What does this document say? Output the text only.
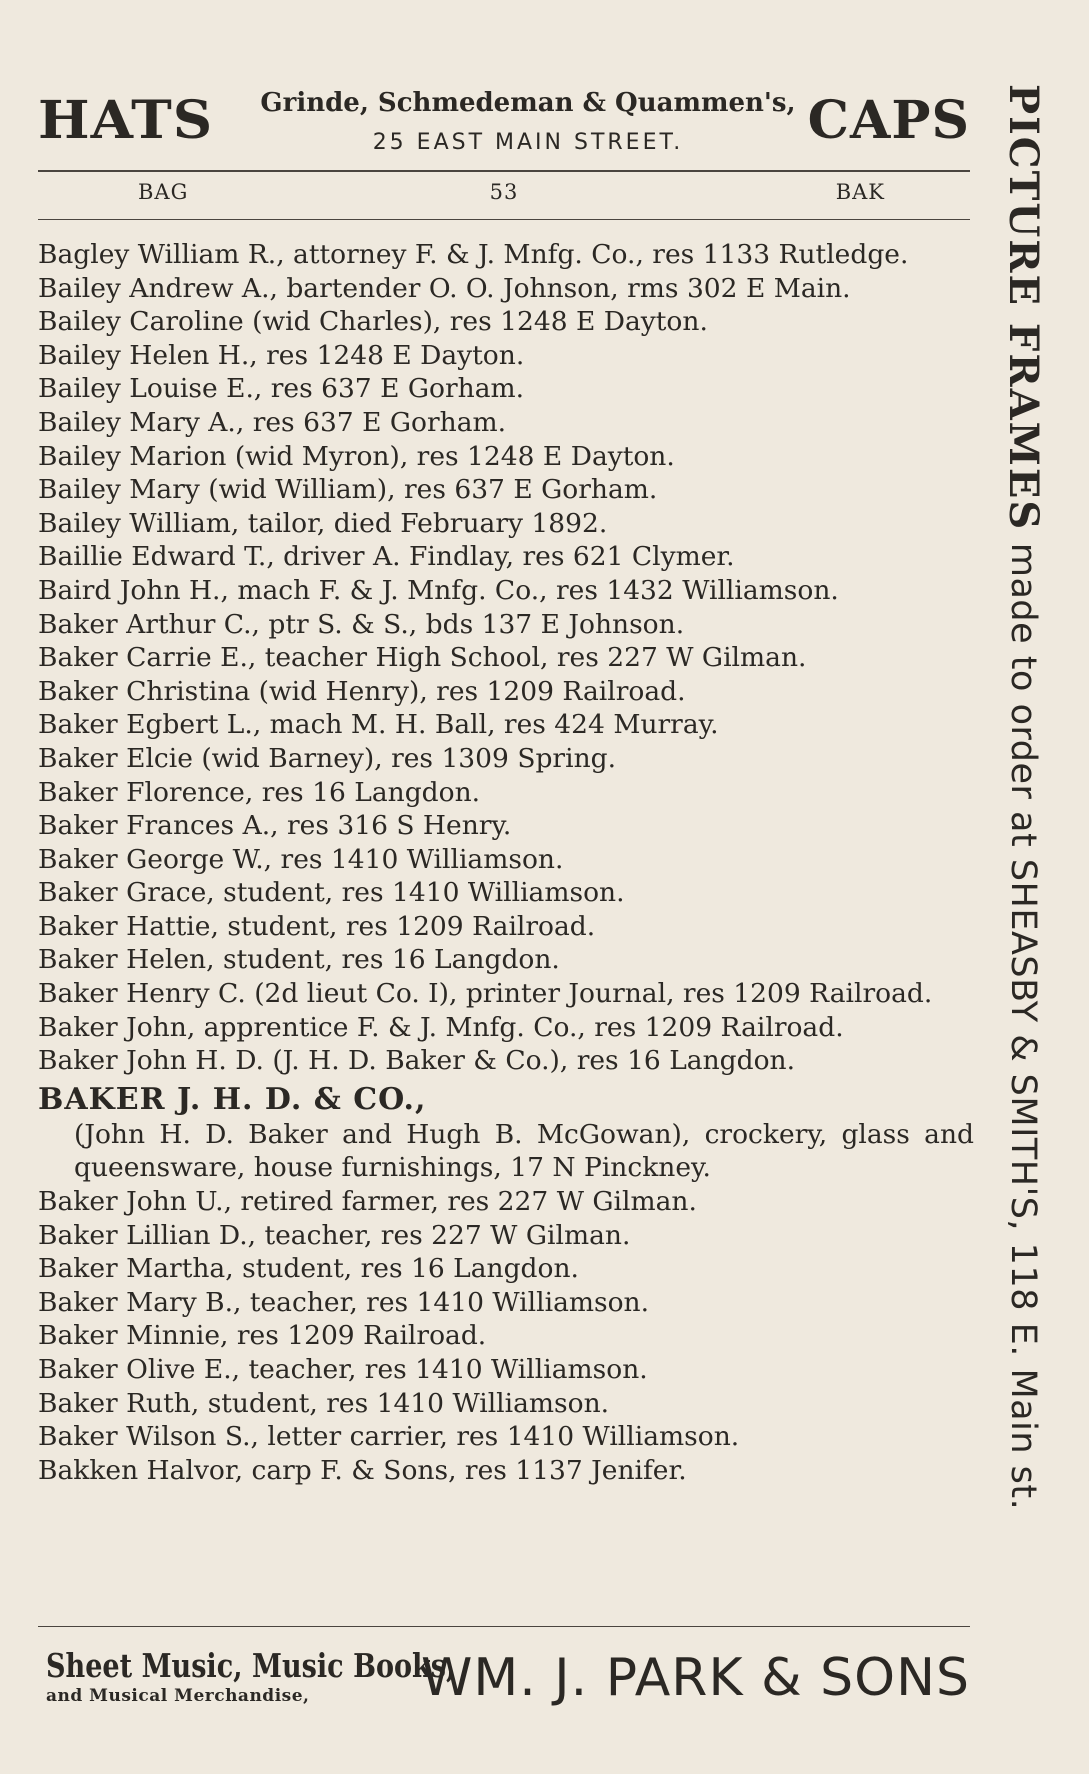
HATS	Grinde, Schmedeman & Quammen's,
25 EAST MAIN STREET.	CAPS
BAG	53	BAK
Bagley William R., attorney F. & J. Mnfg. Co., res 1133 Rutledge.
Bailey Andrew A., bartender O. O. Johnson, rms 302 E Main.
Bailey Caroline (wid Charles), res 1248 E Dayton.
Bailey Helen H., res 1248 E Dayton.
Bailey Louise E., res 637 E Gorham.
Bailey Mary A., res 637 E Gorham.
Bailey Marion (wid Myron), res 1248 E Dayton.
Bailey Mary (wid William), res 637 E Gorham.
Bailey William, tailor, died February 1892.
Baillie Edward T., driver A. Findlay, res 621 Clymer.
Baird John H., mach F. & J. Mnfg. Co., res 1432 Williamson.
Baker Arthur C., ptr S. & S., bds 137 E Johnson.
Baker Carrie E., teacher High School, res 227 W Gilman.
Baker Christina (wid Henry), res 1209 Railroad.
Baker Egbert L., mach M. H. Ball, res 424 Murray.
Baker Elcie (wid Barney), res 1309 Spring.
Baker Florence, res 16 Langdon.
Baker Frances A., res 316 S Henry.
Baker George W., res 1410 Williamson.
Baker Grace, student, res 1410 Williamson.
Baker Hattie, student, res 1209 Railroad.
Baker Helen, student, res 16 Langdon.
Baker Henry C. (2d lieut Co. I), printer Journal, res 1209 Railroad.
Baker John, apprentice F. & J. Mnfg. Co., res 1209 Railroad.
Baker John H. D. (J. H. D. Baker & Co.), res 16 Langdon.
BAKER J. H. D. & CO.,
(John H. D. Baker and Hugh B. McGowan), crockery, glass and queensware, house furnishings, 17 N Pinckney.
Baker John U., retired farmer, res 227 W Gilman.
Baker Lillian D., teacher, res 227 W Gilman.
Baker Martha, student, res 16 Langdon.
Baker Mary B., teacher, res 1410 Williamson.
Baker Minnie, res 1209 Railroad.
Baker Olive E., teacher, res 1410 Williamson.
Baker Ruth, student, res 1410 Williamson.
Baker Wilson S., letter carrier, res 1410 Williamson.
Bakken Halvor, carp F. & Sons, res 1137 Jenifer.
Sheet Music, Music Books,
and Musical Merchandise, WM. J. PARK & SONS
PICTURE FRAMES made to order at SHEASBY & SMITH'S, 118 E. Main st.
